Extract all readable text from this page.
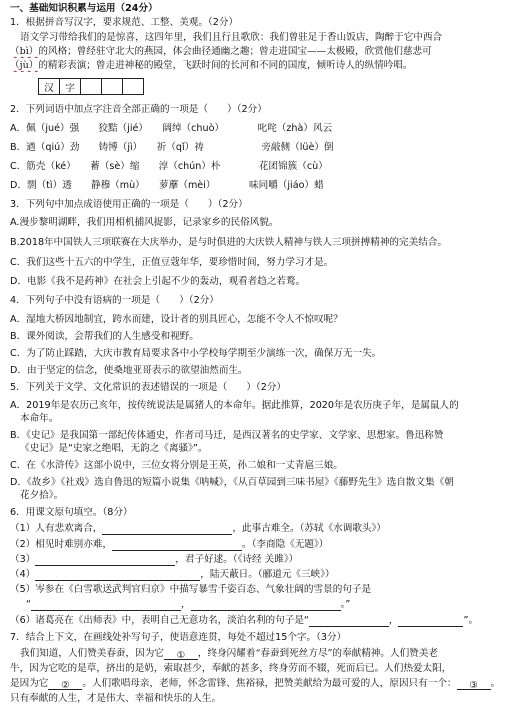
一、基础知识积累与运用（24分）
1．根据拼音写汉字，要求规范、工整、美观。（2分）
语文学习带给我们的是惊喜，这四年里，我们且行且歌欣：我们曾驻足于香山饭店，陶醉于它中西合
（bì）的风格；曾经驻守北大的燕园，体会曲径通幽之趣；曾走进国宝——太极殿，欣赏他们慈悲可
（jù）的精彩表演；曾走进神秘的殿堂，飞跃时间的长河和不同的国度，倾听诗人的纵情吟唱。
汉	字			
2．下列词语中加点字注音全部正确的一项是（　　）（2分）
A．佩（jué）强　　狡黠（jié）　　阔绰（chuò）　　　　叱咤（zhà）风云
B．遒（qiú）劲　　铸博（jì）　　祈（qǐ）祷　　　　　　旁敲侧（lüè）倒
C．筋壳（ké）　　蓄（sè）缩　　淳（chún）朴　　　　花团锦簇（cù）
D．剽（tì）透　　静穆（mù）　　萝藦（mèi）　　　　味同嚼（jiáo）蜡
3．下列句中加点成语使用正确的一项是（　　）（2分）
A.漫步黎明湖畔，我们用相机捕风捉影，记录家乡的民俗风貌。
B.2018年中国铁人三项联赛在大庆举办，是与时俱进的大庆铁人精神与铁人三项拼搏精神的完美结合。
C．我们这些十五六的中学生，正值豆蔻年华，要珍惜时间，努力学习才是。
D．电影《我不是药神》在社会上引起不少的轰动，观看者趋之若鹜。
4．下列句子中没有语病的一项是（　　）（2分）
A．湿地大桥因地制宜，跨水而建，设计者的别具匠心，怎能不令人不惊叹呢？
B．课外阅读，会帮我们的人生感受和视野。
C．为了防止踩踏，大庆市教育局要求各中小学校每学期至少演练一次，确保万无一失。
D．由于坚定的信念，使桑地亚哥表示的欲望油然而生。
5．下列关于文学、文化常识的表述错误的一项是（　　）（2分）
A．2019年是农历己亥年，按传统说法是属猪人的本命年。据此推算，2020年是农历庚子年，是属鼠人的
本命年。
B．《史记》是我国第一部纪传体通史，作者司马迁，是西汉著名的史学家、文学家、思想家。鲁迅称赞
《史记》是“史家之绝唱，无韵之《离骚》”。
C．在《水浒传》这部小说中，三位女将分别是王英，孙二娘和一丈青扈三娘。
D．《故乡》《社戏》选自鲁迅的短篇小说集《呐喊》，《从百草园到三味书屋》《藤野先生》选自散文集《朝
花夕拾》。
6．用课文原句填空。（8分）
（1）人有悲欢离合，	，此事古难全。（苏轼《水调歌头》）
（2）相见时难别亦难，	。（李商隐《无题》）
（3）	，君子好逑。（《诗经 关雎》）
（4）	，陆天蔽日。（郦道元《三峡》）
（5）岑参在《白雪歌送武判官归京》中描写暴雪千姿百态、气象壮阔的雪景的句子是
“	，	。”
（6）诸葛亮在《出师表》中，表明自己无意功名，淡泊名利的句子是“	，	”。
7．结合上下文，在画线处补写句子，使语意连贯，每处不超过15个字。（3分）
我们知道，人们赞美春蚕，因为它 ① ，终身闪耀着“春蚕到死丝方尽”的奉献精神。人们赞美老
牛，因为它吃的是草，挤出的是奶，索取甚少，奉献的甚多，终身劳而不辍，死而后已。人们热爱太阳，
是因为它 ② 。人们歌唱母亲，老师，怀念雷锋、焦裕禄，把赞美献给为最可爱的人，原因只有一个： ③ 。
只有奉献的人生，才是伟大、幸福和快乐的人生。
